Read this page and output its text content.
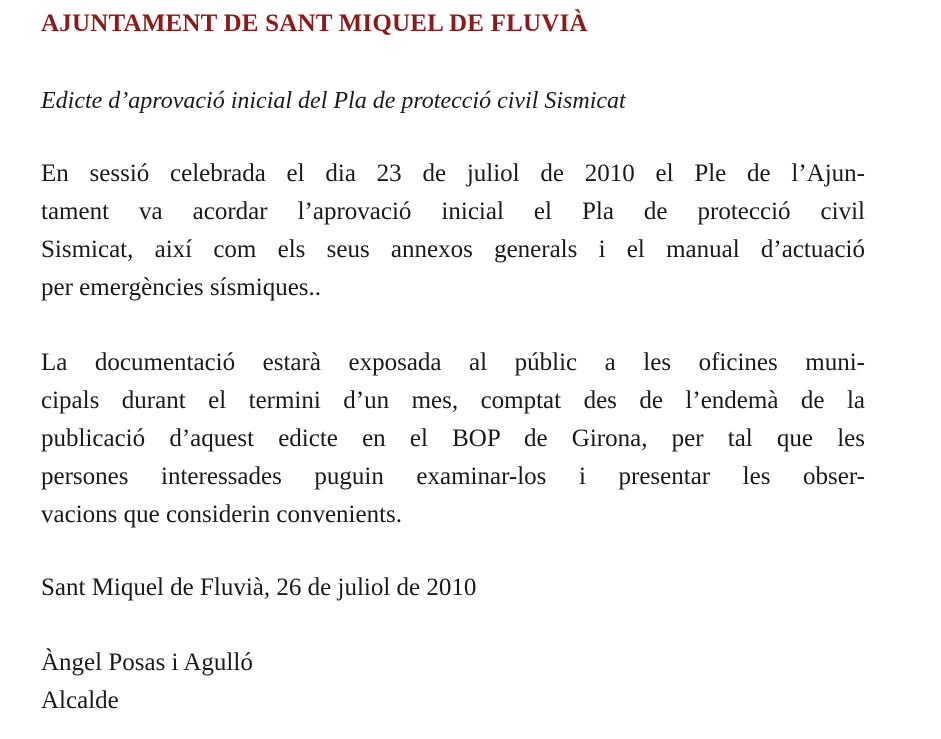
AJUNTAMENT DE SANT MIQUEL DE FLUVIÀ

Edicte d’aprovació inicial del Pla de protecció civil Sismicat

En sessió celebrada el dia 23 de juliol de 2010 el Ple de l’Ajun-
tament va acordar l’aprovació inicial el Pla de protecció civil
Sismicat, així com els seus annexos generals i el manual d’actuació
per emergències sísmiques..

La documentació estarà exposada al públic a les oficines muni-
cipals durant el termini d’un mes, comptat des de l’endemà de la
publicació d’aquest edicte en el BOP de Girona, per tal que les
persones interessades puguin examinar-los i presentar les obser-
vacions que considerin convenients.

Sant Miquel de Fluvià, 26 de juliol de 2010

Àngel Posas i Agulló

Alcalde
